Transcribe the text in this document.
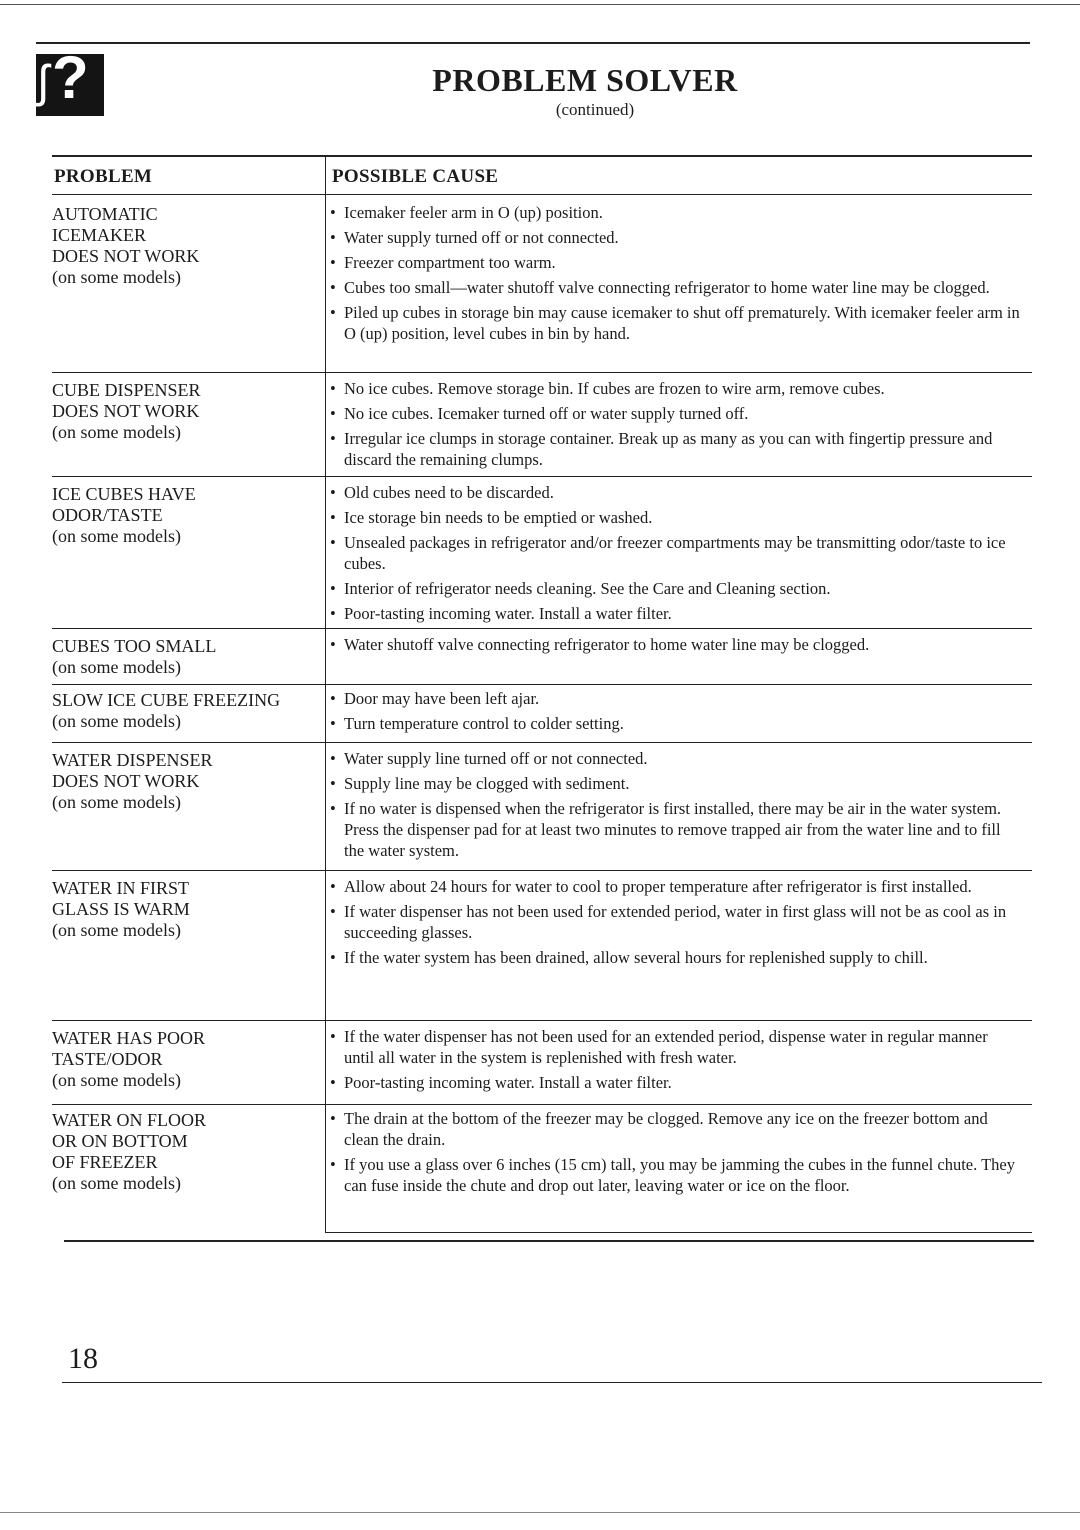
ʃ ?	PROBLEM SOLVER
(continued)
PROBLEM	POSSIBLE CAUSE
AUTOMATIC
ICEMAKER
DOES NOT WORK
(on some models)
• Icemaker feeler arm in O (up) position.
• Water supply turned off or not connected.
• Freezer compartment too warm.
• Cubes too small—water shutoff valve connecting refrigerator to home water line may be clogged.
• Piled up cubes in storage bin may cause icemaker to shut off prematurely. With icemaker feeler arm in O (up) position, level cubes in bin by hand.
CUBE DISPENSER
DOES NOT WORK
(on some models)
• No ice cubes. Remove storage bin. If cubes are frozen to wire arm, remove cubes.
• No ice cubes. Icemaker turned off or water supply turned off.
• Irregular ice clumps in storage container. Break up as many as you can with fingertip pressure and discard the remaining clumps.
ICE CUBES HAVE
ODOR/TASTE
(on some models)
• Old cubes need to be discarded.
• Ice storage bin needs to be emptied or washed.
• Unsealed packages in refrigerator and/or freezer compartments may be transmitting odor/taste to ice cubes.
• Interior of refrigerator needs cleaning. See the Care and Cleaning section.
• Poor-tasting incoming water. Install a water filter.
CUBES TOO SMALL
(on some models)
• Water shutoff valve connecting refrigerator to home water line may be clogged.
SLOW ICE CUBE FREEZING
(on some models)
• Door may have been left ajar.
• Turn temperature control to colder setting.
WATER DISPENSER
DOES NOT WORK
(on some models)
• Water supply line turned off or not connected.
• Supply line may be clogged with sediment.
• If no water is dispensed when the refrigerator is first installed, there may be air in the water system. Press the dispenser pad for at least two minutes to remove trapped air from the water line and to fill the water system.
WATER IN FIRST
GLASS IS WARM
(on some models)
• Allow about 24 hours for water to cool to proper temperature after refrigerator is first installed.
• If water dispenser has not been used for extended period, water in first glass will not be as cool as in succeeding glasses.
• If the water system has been drained, allow several hours for replenished supply to chill.
WATER HAS POOR
TASTE/ODOR
(on some models)
• If the water dispenser has not been used for an extended period, dispense water in regular manner until all water in the system is replenished with fresh water.
• Poor-tasting incoming water. Install a water filter.
WATER ON FLOOR
OR ON BOTTOM
OF FREEZER
(on some models)
• The drain at the bottom of the freezer may be clogged. Remove any ice on the freezer bottom and clean the drain.
• If you use a glass over 6 inches (15 cm) tall, you may be jamming the cubes in the funnel chute. They can fuse inside the chute and drop out later, leaving water or ice on the floor.
18
